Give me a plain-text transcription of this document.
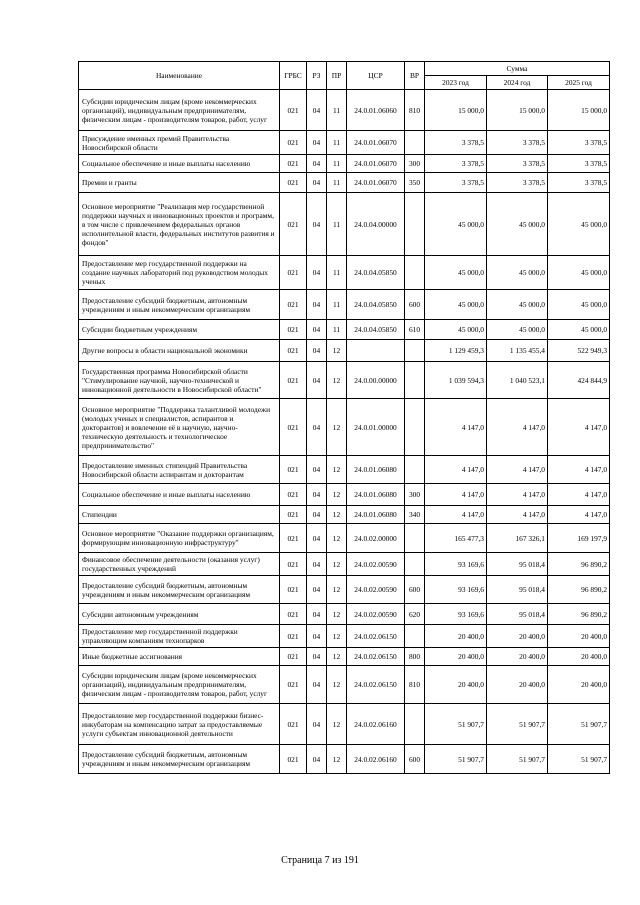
Наименование	ГРБС	РЗ	ПР	ЦСР	ВР	Сумма		
						2023 год	2024 год	2025 год
Субсидии юридическим лицам (кроме некоммерческих организаций), индивидуальным предпринимателям, физическим лицам - производителям товаров, работ, услуг	021	04	11	24.0.01.06060	810	15 000,0	15 000,0	15 000,0
Присуждение именных премий Правительства Новосибирской области	021	04	11	24.0.01.06070		3 378,5	3 378,5	3 378,5
Социальное обеспечение и иные выплаты населению	021	04	11	24.0.01.06070	300	3 378,5	3 378,5	3 378,5
Премии и гранты	021	04	11	24.0.01.06070	350	3 378,5	3 378,5	3 378,5
Основное мероприятие "Реализация мер государственной поддержки научных и инновационных проектов и программ, в том числе с привлечением федеральных органов исполнительной власти, федеральных институтов развития и фондов"	021	04	11	24.0.04.00000		45 000,0	45 000,0	45 000,0
Предоставление мер государственной поддержки на создание научных лабораторий под руководством молодых ученых	021	04	11	24.0.04.05850		45 000,0	45 000,0	45 000,0
Предоставление субсидий бюджетным, автономным учреждениям и иным некоммерческим организациям	021	04	11	24.0.04.05850	600	45 000,0	45 000,0	45 000,0
Субсидии бюджетным учреждениям	021	04	11	24.0.04.05850	610	45 000,0	45 000,0	45 000,0
Другие вопросы в области национальной экономики	021	04	12			1 129 459,3	1 135 455,4	522 949,3
Государственная программа Новосибирской области "Стимулирование научной, научно-технической и инновационной деятельности в Новосибирской области"	021	04	12	24.0.00.00000		1 039 594,3	1 040 523,1	424 844,9
Основное мероприятие "Поддержка талантливой молодежи (молодых ученых и специалистов, аспирантов и докторантов) и вовлечение её в научную, научно-техническую деятельность и технологическое предпринимательство"	021	04	12	24.0.01.00000		4 147,0	4 147,0	4 147,0
Предоставление именных стипендий Правительства Новосибирской области аспирантам и докторантам	021	04	12	24.0.01.06080		4 147,0	4 147,0	4 147,0
Социальное обеспечение и иные выплаты населению	021	04	12	24.0.01.06080	300	4 147,0	4 147,0	4 147,0
Стипендии	021	04	12	24.0.01.06080	340	4 147,0	4 147,0	4 147,0
Основное мероприятие "Оказание поддержки организациям, формирующим инновационную инфраструктуру"	021	04	12	24.0.02.00000		165 477,3	167 326,1	169 197,9
Финансовое обеспечение деятельности (оказания услуг) государственных учреждений	021	04	12	24.0.02.00590		93 169,6	95 018,4	96 890,2
Предоставление субсидий бюджетным, автономным учреждениям и иным некоммерческим организациям	021	04	12	24.0.02.00590	600	93 169,6	95 018,4	96 890,2
Субсидии автономным учреждениям	021	04	12	24.0.02.00590	620	93 169,6	95 018,4	96 890,2
Предоставление мер государственной поддержки управляющим компаниям технопарков	021	04	12	24.0.02.06150		20 400,0	20 400,0	20 400,0
Иные бюджетные ассигнования	021	04	12	24.0.02.06150	800	20 400,0	20 400,0	20 400,0
Субсидии юридическим лицам (кроме некоммерческих организаций), индивидуальным предпринимателям, физическим лицам - производителям товаров, работ, услуг	021	04	12	24.0.02.06150	810	20 400,0	20 400,0	20 400,0
Предоставление мер государственной поддержки бизнес-инкубаторам на компенсацию затрат за предоставляемые услуги субъектам инновационной деятельности	021	04	12	24.0.02.06160		51 907,7	51 907,7	51 907,7
Предоставление субсидий бюджетным, автономным учреждениям и иным некоммерческим организациям	021	04	12	24.0.02.06160	600	51 907,7	51 907,7	51 907,7
Страница 7 из 191
